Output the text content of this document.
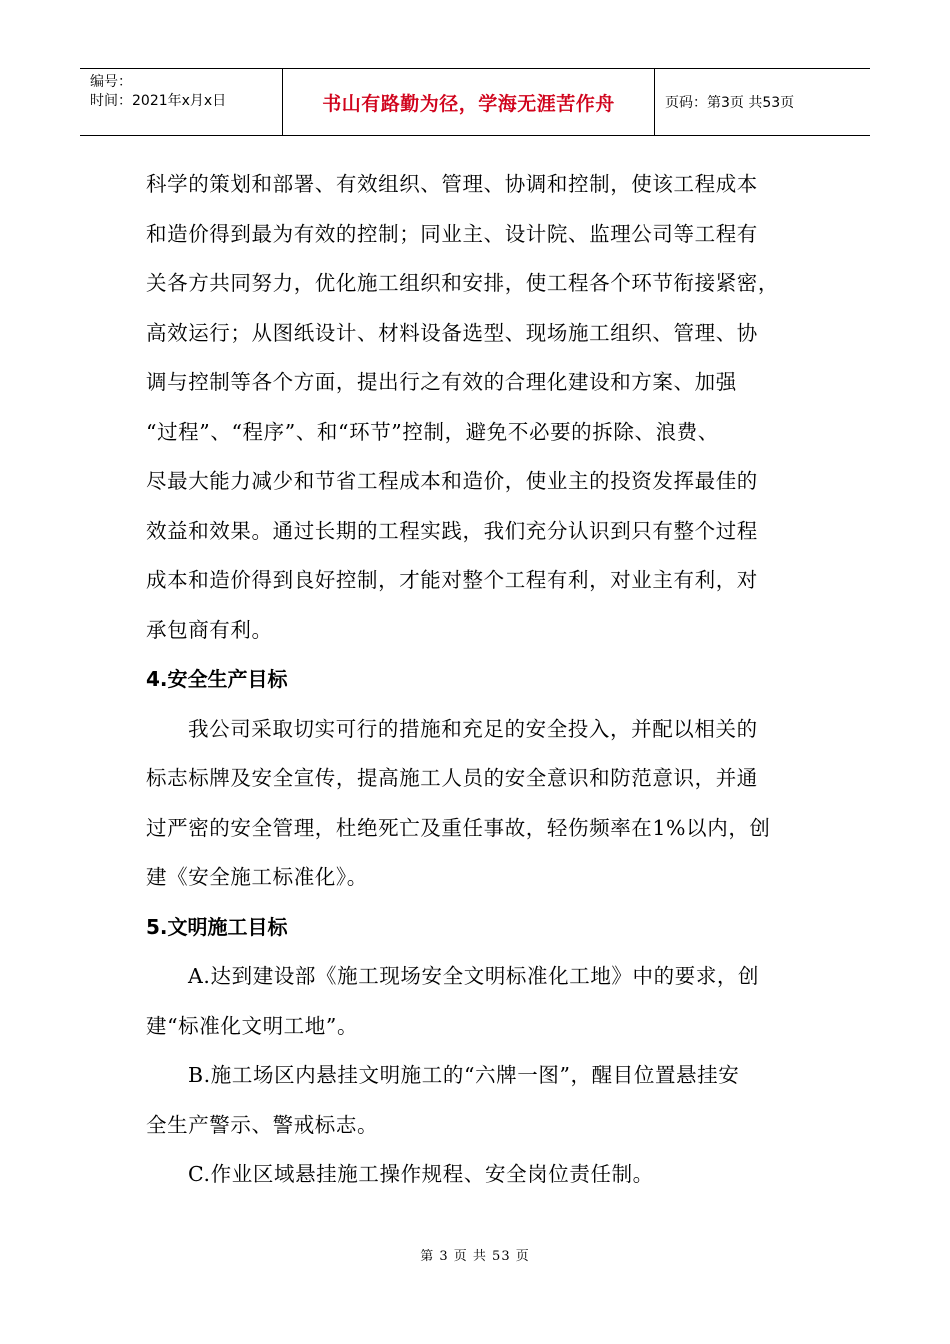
编号：
时间：2021年x月x日	书山有路勤为径，学海无涯苦作舟	页码：第3页 共53页
科学的策划和部署、有效组织、管理、协调和控制，使该工程成本
和造价得到最为有效的控制；同业主、设计院、监理公司等工程有
关各方共同努力，优化施工组织和安排，使工程各个环节衔接紧密，
高效运行；从图纸设计、材料设备选型、现场施工组织、管理、协
调与控制等各个方面，提出行之有效的合理化建设和方案、加强
“过程”、“程序”、和“环节”控制，避免不必要的拆除、浪费、
尽最大能力减少和节省工程成本和造价，使业主的投资发挥最佳的
效益和效果。通过长期的工程实践，我们充分认识到只有整个过程
成本和造价得到良好控制，才能对整个工程有利，对业主有利，对
承包商有利。
4.安全生产目标
我公司采取切实可行的措施和充足的安全投入，并配以相关的
标志标牌及安全宣传，提高施工人员的安全意识和防范意识，并通
过严密的安全管理，杜绝死亡及重任事故，轻伤频率在1%以内，创
建《安全施工标准化》。
5.文明施工目标
A.达到建设部《施工现场安全文明标准化工地》中的要求，创
建“标准化文明工地”。
B.施工场区内悬挂文明施工的“六牌一图”，醒目位置悬挂安
全生产警示、警戒标志。
C.作业区域悬挂施工操作规程、安全岗位责任制。
第 3 页 共 53 页
